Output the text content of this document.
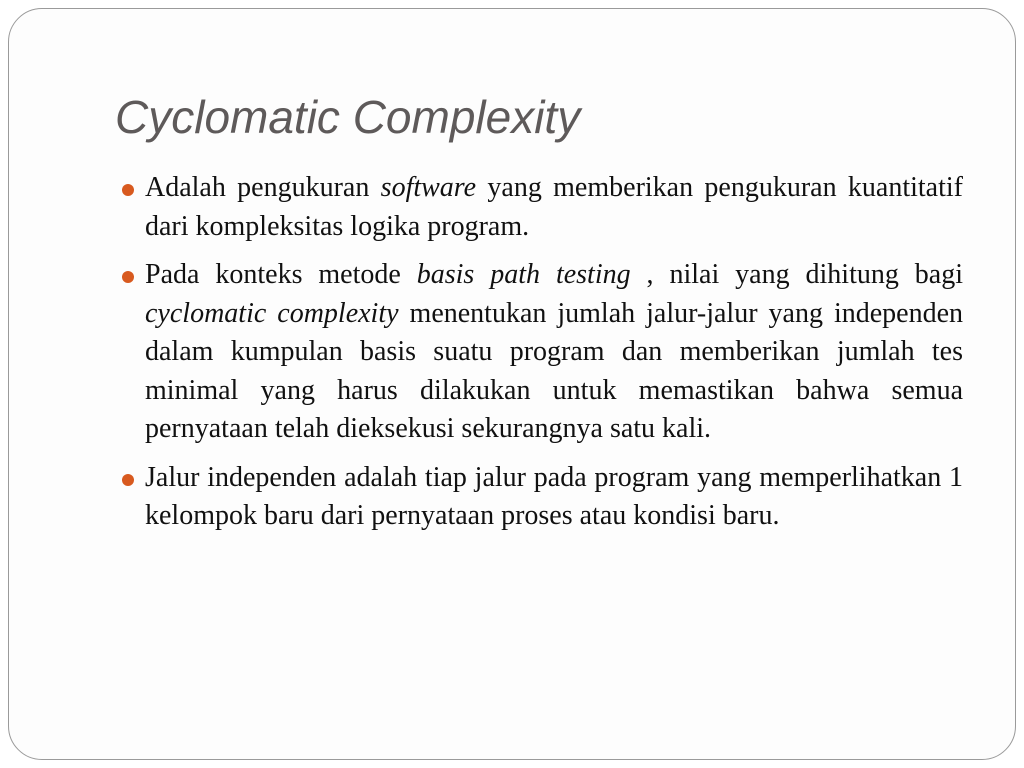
Cyclomatic Complexity
Adalah pengukuran software yang memberikan pengukuran kuantitatif dari kompleksitas logika program.
Pada konteks metode basis path testing , nilai yang dihitung bagi cyclomatic complexity menentukan jumlah jalur-jalur yang independen dalam kumpulan basis suatu program dan memberikan jumlah tes minimal yang harus dilakukan untuk memastikan bahwa semua pernyataan telah dieksekusi sekurangnya satu kali.
Jalur independen adalah tiap jalur pada program yang memperlihatkan 1 kelompok baru dari pernyataan proses atau kondisi baru.
